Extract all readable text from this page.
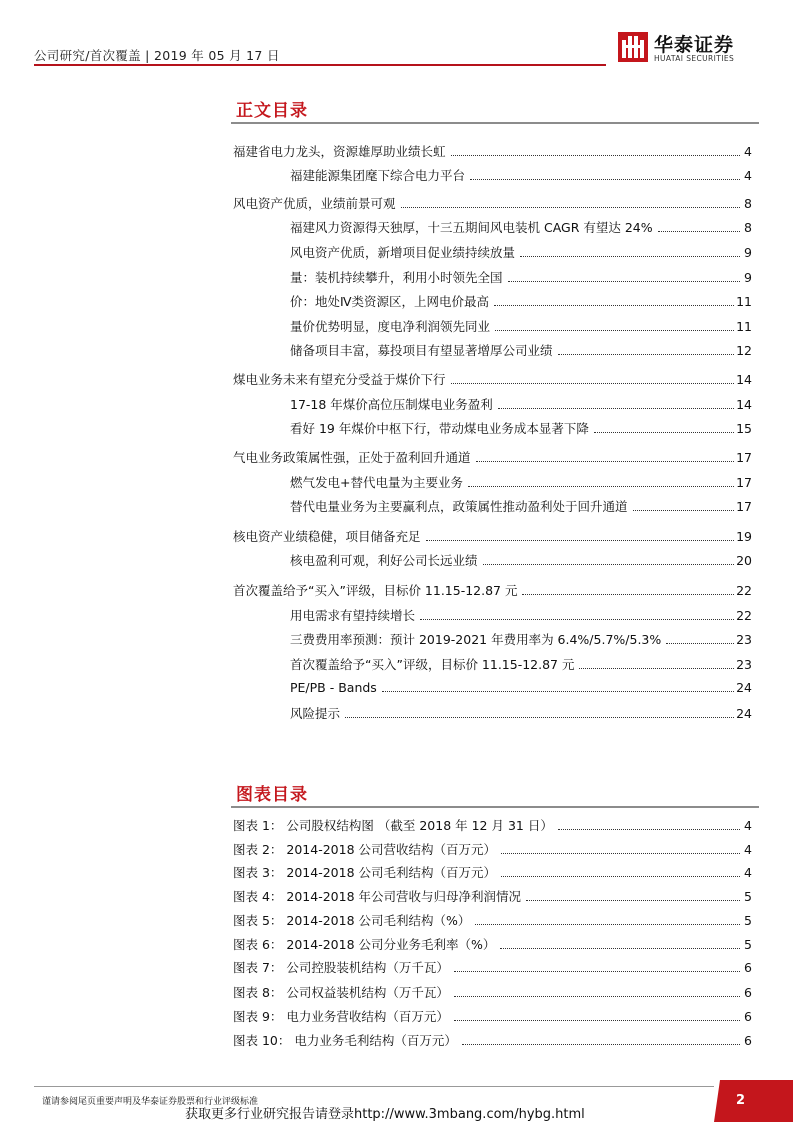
公司研究/首次覆盖 | 2019 年 05 月 17 日	华泰证券
HUATAI SECURITIES
正文目录
福建省电力龙头，资源雄厚助业绩长虹	4
福建能源集团麾下综合电力平台	4
风电资产优质，业绩前景可观	8
福建风力资源得天独厚，十三五期间风电装机 CAGR 有望达 24%	8
风电资产优质，新增项目促业绩持续放量	9
量：装机持续攀升，利用小时领先全国	9
价：地处Ⅳ类资源区，上网电价最高	11
量价优势明显，度电净利润领先同业	11
储备项目丰富，募投项目有望显著增厚公司业绩	12
煤电业务未来有望充分受益于煤价下行	14
17-18 年煤价高位压制煤电业务盈利	14
看好 19 年煤价中枢下行，带动煤电业务成本显著下降	15
气电业务政策属性强，正处于盈利回升通道	17
燃气发电+替代电量为主要业务	17
替代电量业务为主要赢利点，政策属性推动盈利处于回升通道	17
核电资产业绩稳健，项目储备充足	19
核电盈利可观，利好公司长远业绩	20
首次覆盖给予“买入”评级，目标价 11.15-12.87 元	22
用电需求有望持续增长	22
三费费用率预测：预计 2019-2021 年费用率为 6.4%/5.7%/5.3%	23
首次覆盖给予“买入”评级，目标价 11.15-12.87 元	23
PE/PB - Bands	24
风险提示	24
图表目录
图表 1： 公司股权结构图 （截至 2018 年 12 月 31 日）	4
图表 2： 2014-2018 公司营收结构（百万元）	4
图表 3： 2014-2018 公司毛利结构（百万元）	4
图表 4： 2014-2018 年公司营收与归母净利润情况	5
图表 5： 2014-2018 公司毛利结构（%）	5
图表 6： 2014-2018 公司分业务毛利率（%）	5
图表 7： 公司控股装机结构（万千瓦）	6
图表 8： 公司权益装机结构（万千瓦）	6
图表 9： 电力业务营收结构（百万元）	6
图表 10： 电力业务毛利结构（百万元）	6
谨请参阅尾页重要声明及华泰证券股票和行业评级标准
获取更多行业研究报告请登录http://www.3mbang.com/hybg.html
2
